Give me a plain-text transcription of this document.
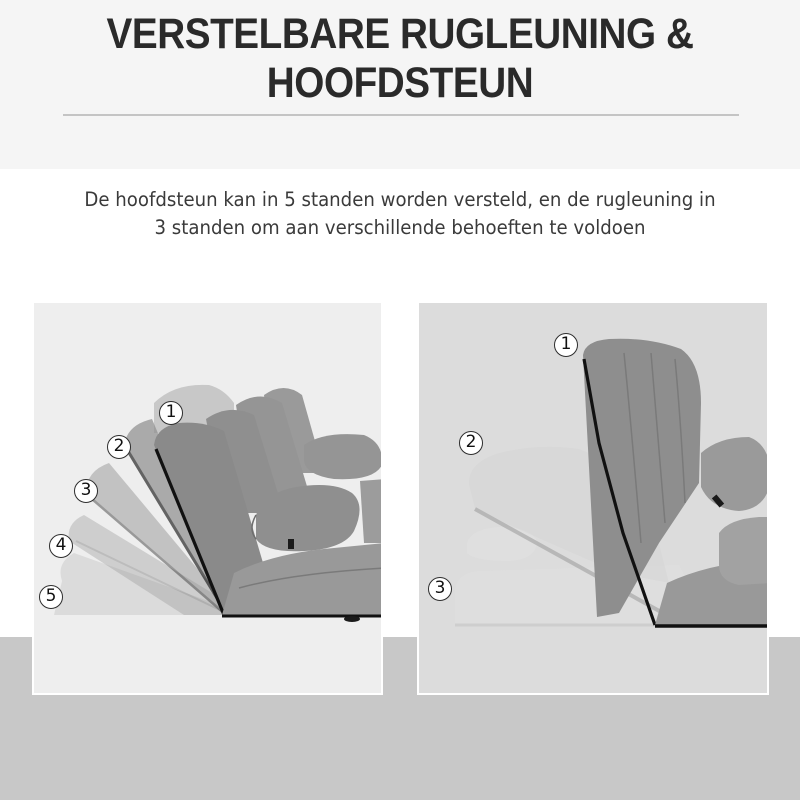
VERSTELBARE RUGLEUNING &
HOOFDSTEUN
De hoofdsteun kan in 5 standen worden versteld, en de rugleuning in
3 standen om aan verschillende behoeften te voldoen
1
2
3
4
5
1
2
3
